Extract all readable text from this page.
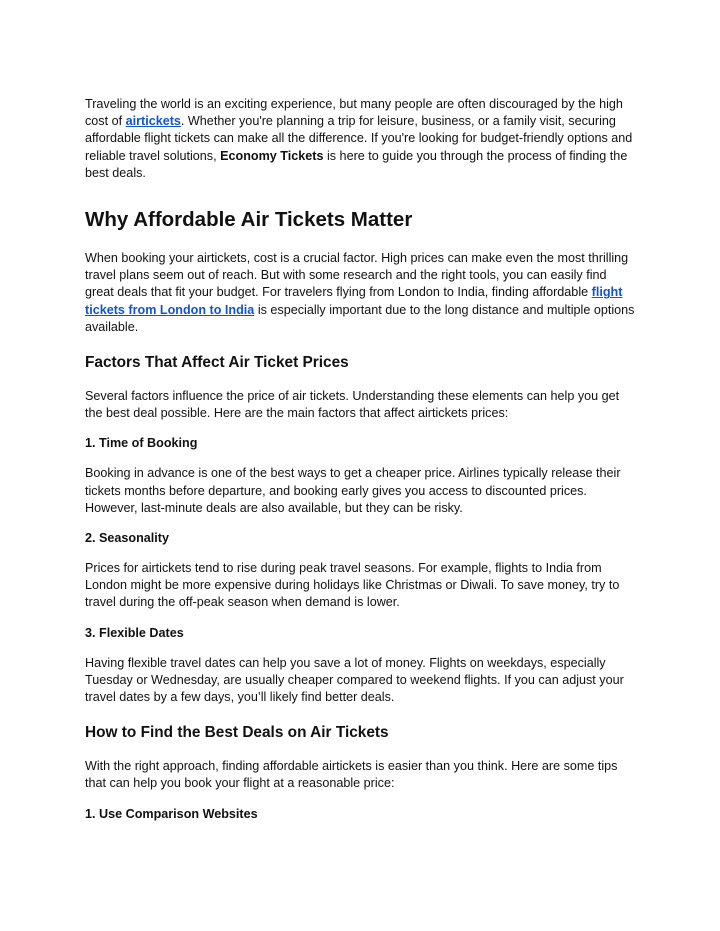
Traveling the world is an exciting experience, but many people are often discouraged by the high cost of airtickets. Whether you're planning a trip for leisure, business, or a family visit, securing affordable flight tickets can make all the difference. If you're looking for budget-friendly options and reliable travel solutions, Economy Tickets is here to guide you through the process of finding the best deals.

Why Affordable Air Tickets Matter

When booking your airtickets, cost is a crucial factor. High prices can make even the most thrilling travel plans seem out of reach. But with some research and the right tools, you can easily find great deals that fit your budget. For travelers flying from London to India, finding affordable flight tickets from London to India is especially important due to the long distance and multiple options available.

Factors That Affect Air Ticket Prices

Several factors influence the price of air tickets. Understanding these elements can help you get the best deal possible. Here are the main factors that affect airtickets prices:

1. Time of Booking

Booking in advance is one of the best ways to get a cheaper price. Airlines typically release their tickets months before departure, and booking early gives you access to discounted prices. However, last-minute deals are also available, but they can be risky.

2. Seasonality

Prices for airtickets tend to rise during peak travel seasons. For example, flights to India from London might be more expensive during holidays like Christmas or Diwali. To save money, try to travel during the off-peak season when demand is lower.

3. Flexible Dates

Having flexible travel dates can help you save a lot of money. Flights on weekdays, especially Tuesday or Wednesday, are usually cheaper compared to weekend flights. If you can adjust your travel dates by a few days, you’ll likely find better deals.

How to Find the Best Deals on Air Tickets

With the right approach, finding affordable airtickets is easier than you think. Here are some tips that can help you book your flight at a reasonable price:

1. Use Comparison Websites
